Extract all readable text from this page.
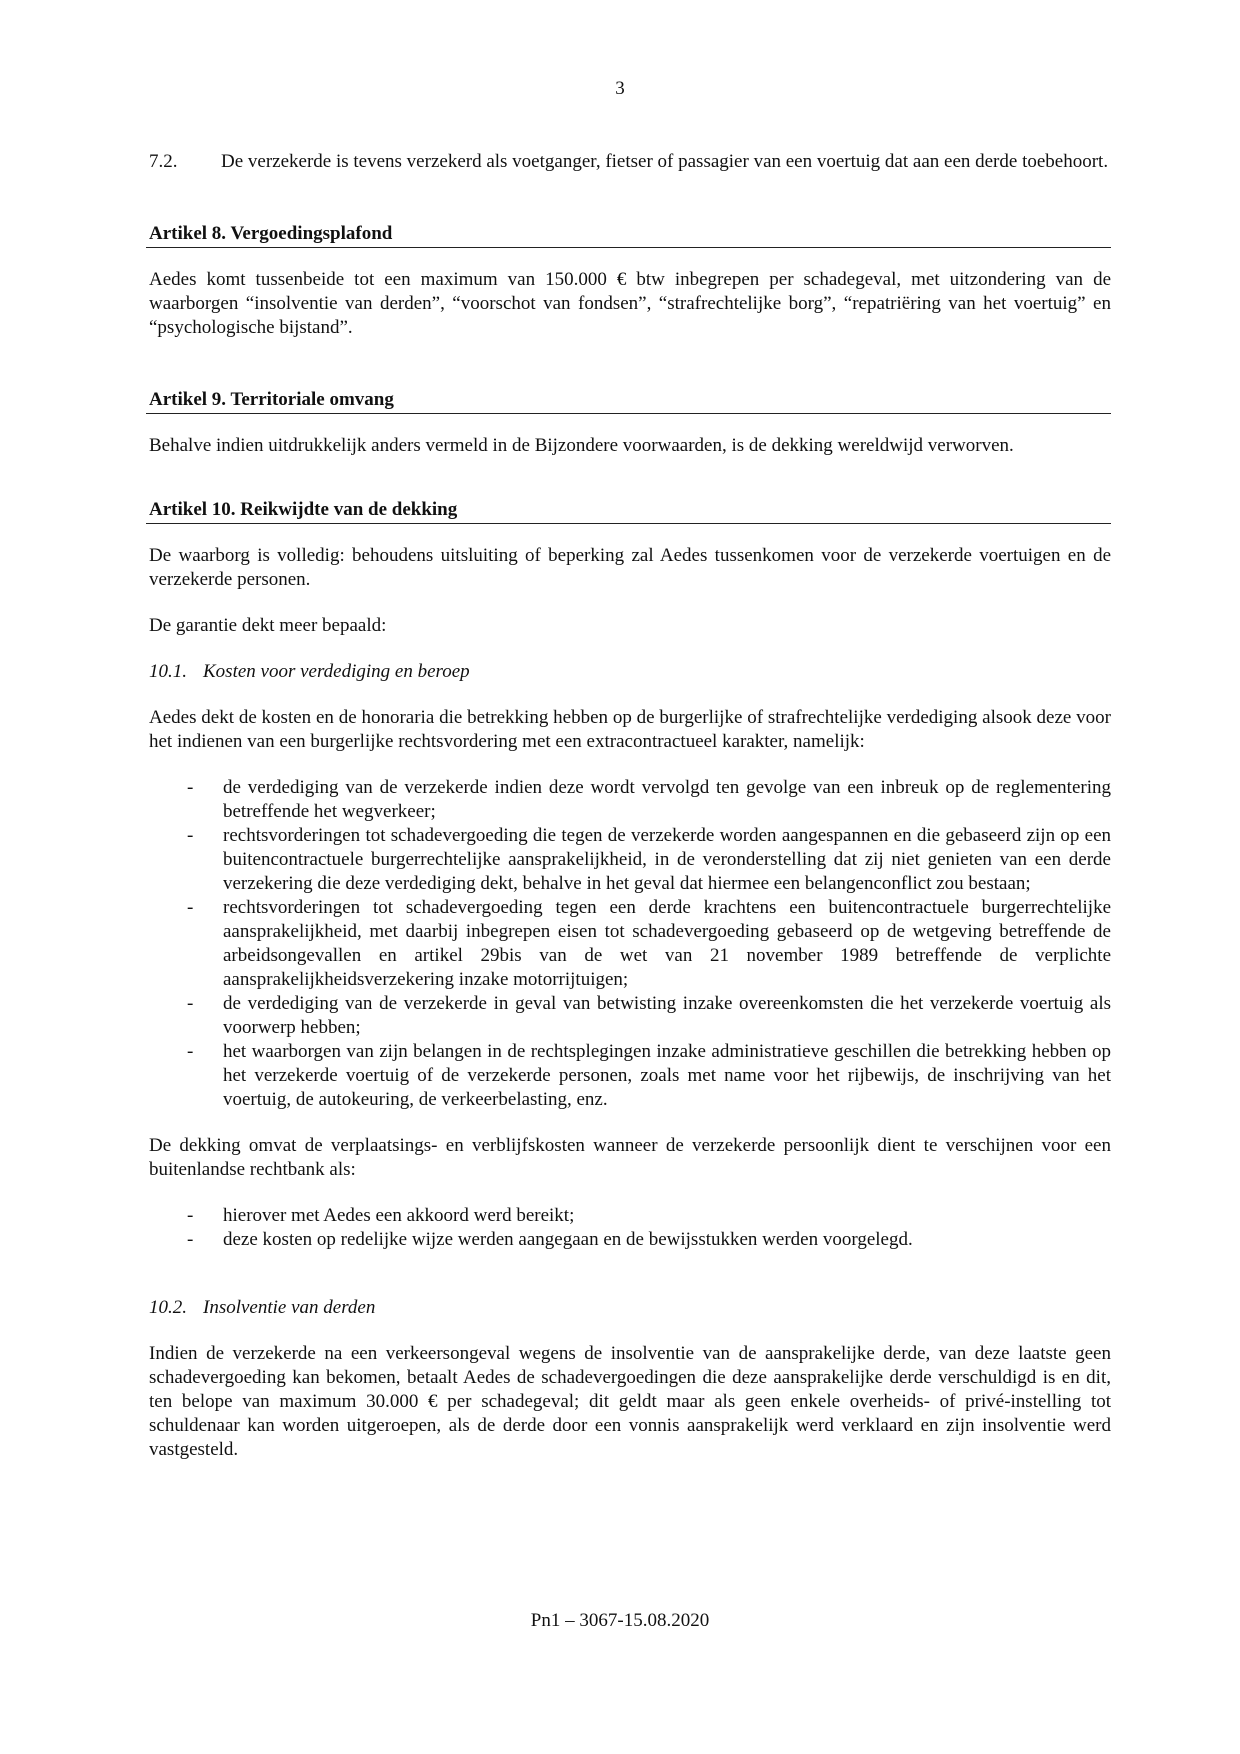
3
7.2.	De verzekerde is tevens verzekerd als voetganger, fietser of passagier van een voertuig dat aan een derde toebehoort.
Artikel 8. Vergoedingsplafond

Aedes komt tussenbeide tot een maximum van 150.000 € btw inbegrepen per schadegeval, met uitzondering van de waarborgen “insolventie van derden”, “voorschot van fondsen”, “strafrechtelijke borg”, “repatriëring van het voertuig” en “psychologische bijstand”.

Artikel 9. Territoriale omvang

Behalve indien uitdrukkelijk anders vermeld in de Bijzondere voorwaarden, is de dekking wereldwijd verworven.

Artikel 10. Reikwijdte van de dekking

De waarborg is volledig: behoudens uitsluiting of beperking zal Aedes tussenkomen voor de verzekerde voertuigen en de verzekerde personen.

De garantie dekt meer bepaald:

10.1. Kosten voor verdediging en beroep

Aedes dekt de kosten en de honoraria die betrekking hebben op de burgerlijke of strafrechtelijke verdediging alsook deze voor het indienen van een burgerlijke rechtsvordering met een extracontractueel karakter, namelijk:

-	de verdediging van de verzekerde indien deze wordt vervolgd ten gevolge van een inbreuk op de reglementering betreffende het wegverkeer;
-	rechtsvorderingen tot schadevergoeding die tegen de verzekerde worden aangespannen en die gebaseerd zijn op een buitencontractuele burgerrechtelijke aansprakelijkheid, in de veronderstelling dat zij niet genieten van een derde verzekering die deze verdediging dekt, behalve in het geval dat hiermee een belangenconflict zou bestaan;
-	rechtsvorderingen tot schadevergoeding tegen een derde krachtens een buitencontractuele burgerrechtelijke aansprakelijkheid, met daarbij inbegrepen eisen tot schadevergoeding gebaseerd op de wetgeving betreffende de arbeidsongevallen en artikel 29bis van de wet van 21 november 1989 betreffende de verplichte aansprakelijkheidsverzekering inzake motorrijtuigen;
-	de verdediging van de verzekerde in geval van betwisting inzake overeenkomsten die het verzekerde voertuig als voorwerp hebben;
-	het waarborgen van zijn belangen in de rechtsplegingen inzake administratieve geschillen die betrekking hebben op het verzekerde voertuig of de verzekerde personen, zoals met name voor het rijbewijs, de inschrijving van het voertuig, de autokeuring, de verkeerbelasting, enz.

De dekking omvat de verplaatsings- en verblijfskosten wanneer de verzekerde persoonlijk dient te verschijnen voor een buitenlandse rechtbank als:

-	hierover met Aedes een akkoord werd bereikt;
-	deze kosten op redelijke wijze werden aangegaan en de bewijsstukken werden voorgelegd.
10.2. Insolventie van derden

Indien de verzekerde na een verkeersongeval wegens de insolventie van de aansprakelijke derde, van deze laatste geen schadevergoeding kan bekomen, betaalt Aedes de schadevergoedingen die deze aansprakelijke derde verschuldigd is en dit, ten belope van maximum 30.000 € per schadegeval; dit geldt maar als geen enkele overheids- of privé-instelling tot schuldenaar kan worden uitgeroepen, als de derde door een vonnis aansprakelijk werd verklaard en zijn insolventie werd vastgesteld.

Pn1 – 3067-15.08.2020
